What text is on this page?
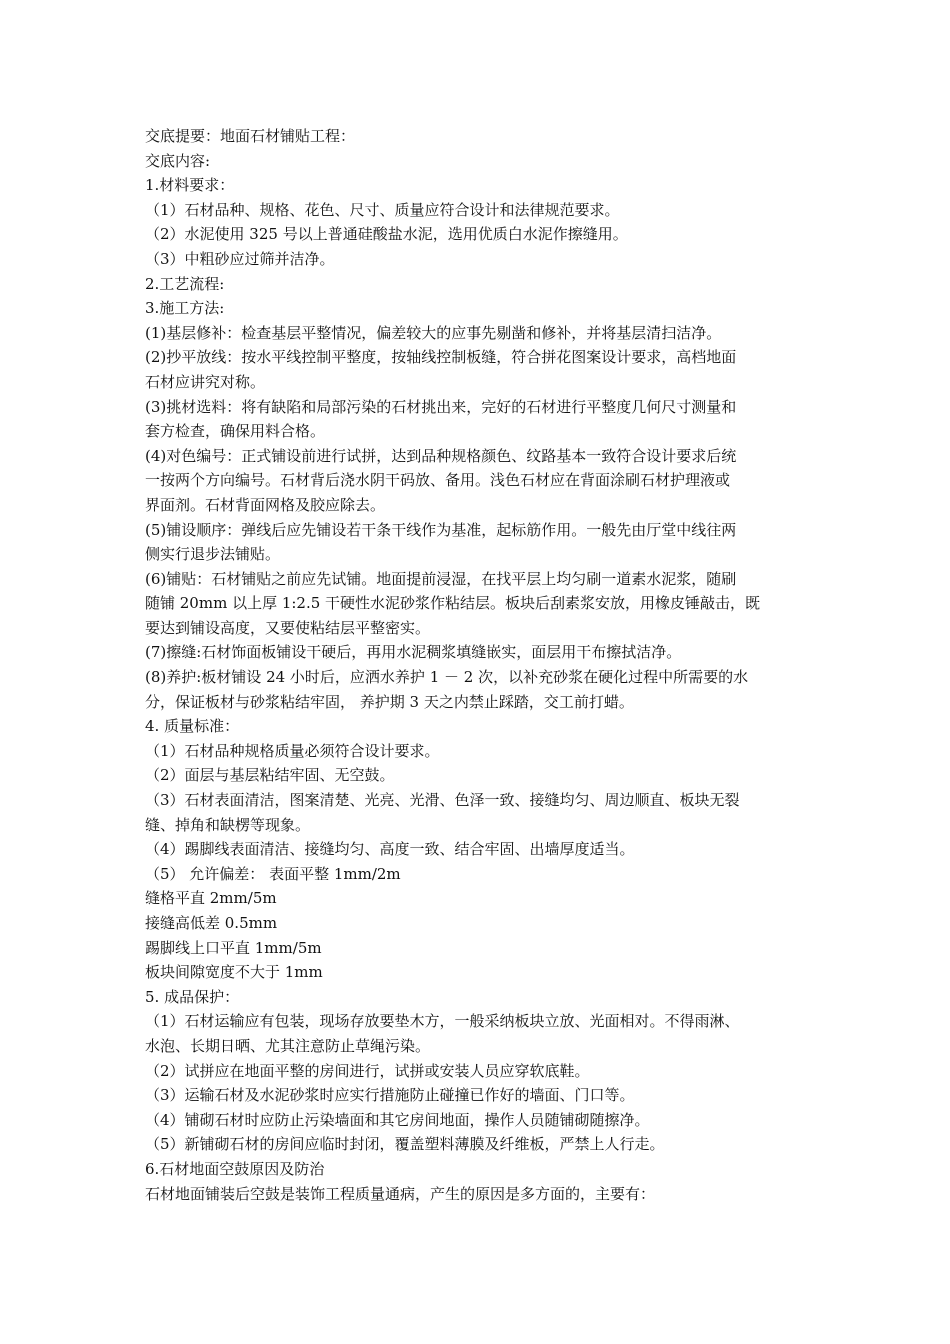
交底提要：地面石材铺贴工程：
交底内容:
1.材料要求：
（1）石材品种、规格、花色、尺寸、质量应符合设计和法律规范要求。
（2）水泥使用 325 号以上普通硅酸盐水泥，选用优质白水泥作擦缝用。
（3）中粗砂应过筛并洁净。
2.工艺流程:
3.施工方法:
(1)基层修补：检查基层平整情况，偏差较大的应事先剔凿和修补，并将基层清扫洁净。
(2)抄平放线：按水平线控制平整度，按轴线控制板缝，符合拼花图案设计要求，高档地面
石材应讲究对称。
(3)挑材选料：将有缺陷和局部污染的石材挑出来，完好的石材进行平整度几何尺寸测量和
套方检查，确保用料合格。
(4)对色编号：正式铺设前进行试拼，达到品种规格颜色、纹路基本一致符合设计要求后统
一按两个方向编号。石材背后浇水阴干码放、备用。浅色石材应在背面涂刷石材护理液或
界面剂。石材背面网格及胶应除去。
(5)铺设顺序：弹线后应先铺设若干条干线作为基准，起标筋作用。一般先由厅堂中线往两
侧实行退步法铺贴。
(6)铺贴：石材铺贴之前应先试铺。地面提前浸湿，在找平层上均匀刷一道素水泥浆，随刷
随铺 20mm 以上厚 1:2.5 干硬性水泥砂浆作粘结层。板块后刮素浆安放，用橡皮锤敲击，既
要达到铺设高度，又要使粘结层平整密实。
(7)擦缝:石材饰面板铺设干硬后，再用水泥稠浆填缝嵌实，面层用干布擦拭洁净。
(8)养护:板材铺设 24 小时后，应洒水养护 1 － 2 次，以补充砂浆在硬化过程中所需要的水
分，保证板材与砂浆粘结牢固， 养护期 3 天之内禁止踩踏，交工前打蜡。
4. 质量标准：
（1）石材品种规格质量必须符合设计要求。
（2）面层与基层粘结牢固、无空鼓。
（3）石材表面清洁，图案清楚、光亮、光滑、色泽一致、接缝均匀、周边顺直、板块无裂
缝、掉角和缺楞等现象。
（4）踢脚线表面清洁、接缝均匀、高度一致、结合牢固、出墙厚度适当。
（5） 允许偏差： 表面平整 1mm/2m
缝格平直 2mm/5m
接缝高低差 0.5mm
踢脚线上口平直 1mm/5m
板块间隙宽度不大于 1mm
5. 成品保护：
（1）石材运输应有包装，现场存放要垫木方，一般采纳板块立放、光面相对。不得雨淋、
水泡、长期日晒、尤其注意防止草绳污染。
（2）试拼应在地面平整的房间进行，试拼或安装人员应穿软底鞋。
（3）运输石材及水泥砂浆时应实行措施防止碰撞已作好的墙面、门口等。
（4）铺砌石材时应防止污染墙面和其它房间地面，操作人员随铺砌随擦净。
（5）新铺砌石材的房间应临时封闭，覆盖塑料薄膜及纤维板，严禁上人行走。
6.石材地面空鼓原因及防治
石材地面铺装后空鼓是装饰工程质量通病，产生的原因是多方面的，主要有：
